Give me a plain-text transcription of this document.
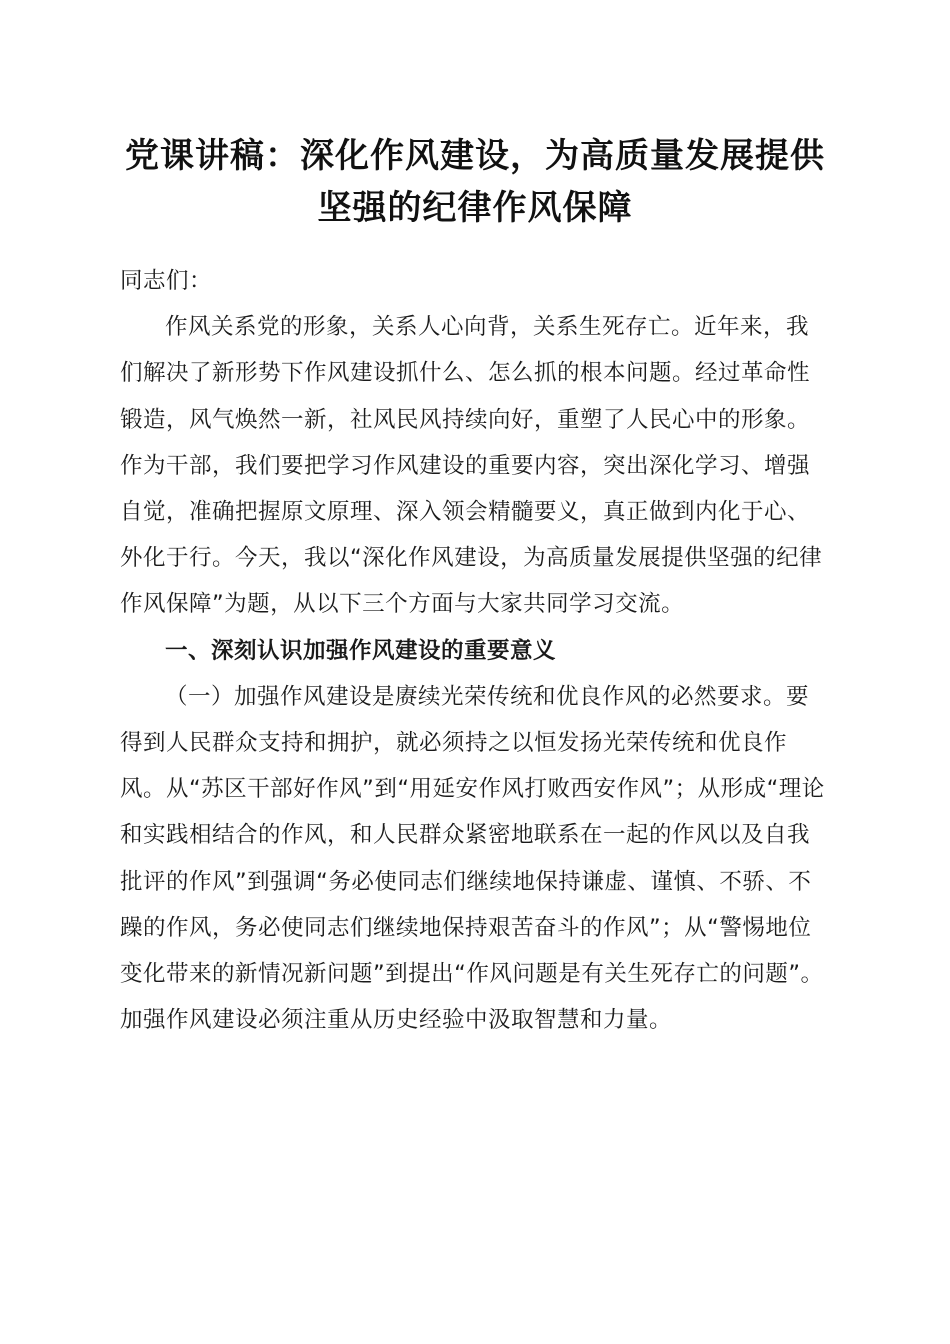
党课讲稿：深化作风建设，为高质量发展提供
坚强的纪律作风保障

同志们：

作风关系党的形象，关系人心向背，关系生死存亡。近年来，我们解决了新形势下作风建设抓什么、怎么抓的根本问题。经过革命性锻造，风气焕然一新，社风民风持续向好，重塑了人民心中的形象。作为干部，我们要把学习作风建设的重要内容，突出深化学习、增强自觉，准确把握原文原理、深入领会精髓要义，真正做到内化于心、外化于行。今天，我以“深化作风建设，为高质量发展提供坚强的纪律作风保障”为题，从以下三个方面与大家共同学习交流。

一、深刻认识加强作风建设的重要意义

（一）加强作风建设是赓续光荣传统和优良作风的必然要求。要得到人民群众支持和拥护，就必须持之以恒发扬光荣传统和优良作风。从“苏区干部好作风”到“用延安作风打败西安作风”；从形成“理论和实践相结合的作风，和人民群众紧密地联系在一起的作风以及自我批评的作风”到强调“务必使同志们继续地保持谦虚、谨慎、不骄、不躁的作风，务必使同志们继续地保持艰苦奋斗的作风”；从“警惕地位变化带来的新情况新问题”到提出“作风问题是有关生死存亡的问题”。加强作风建设必须注重从历史经验中汲取智慧和力量。
